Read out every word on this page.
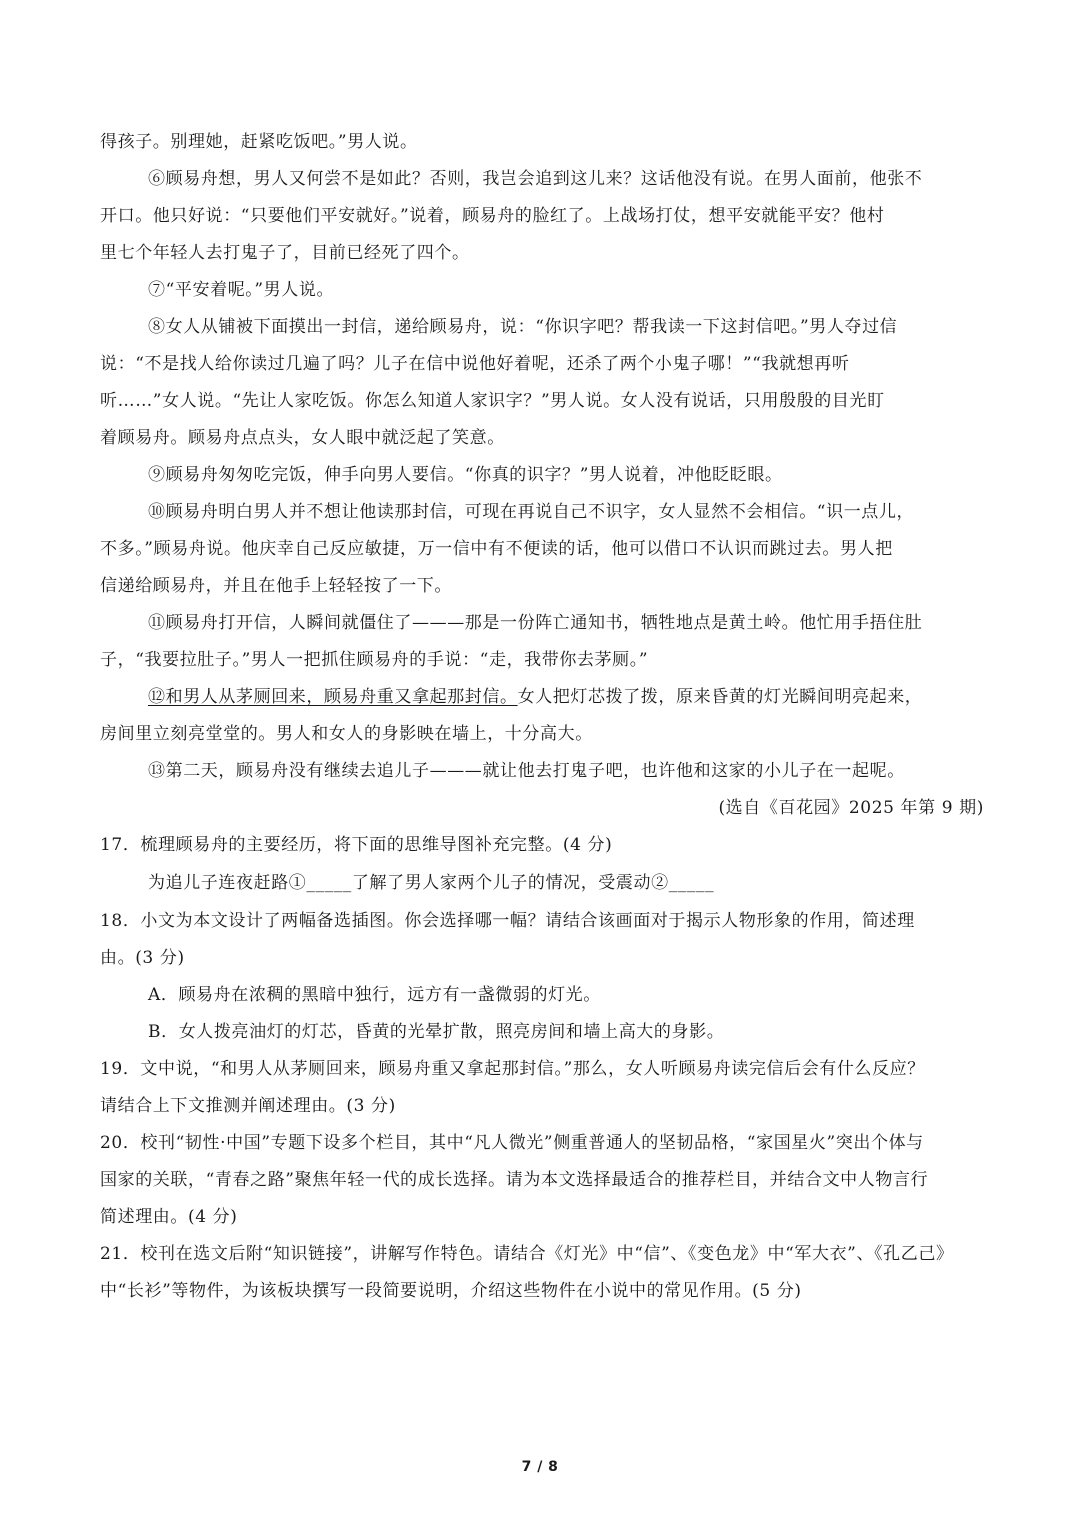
得孩子。别理她，赶紧吃饭吧。”男人说。
⑥顾易舟想，男人又何尝不是如此？否则，我岂会追到这儿来？这话他没有说。在男人面前，他张不
开口。他只好说：“只要他们平安就好。”说着，顾易舟的脸红了。上战场打仗，想平安就能平安？他村
里七个年轻人去打鬼子了，目前已经死了四个。
⑦“平安着呢。”男人说。
⑧女人从铺被下面摸出一封信，递给顾易舟，说：“你识字吧？帮我读一下这封信吧。”男人夺过信
说：“不是找人给你读过几遍了吗？儿子在信中说他好着呢，还杀了两个小鬼子哪！”“我就想再听
听……”女人说。“先让人家吃饭。你怎么知道人家识字？”男人说。女人没有说话，只用殷殷的目光盯
着顾易舟。顾易舟点点头，女人眼中就泛起了笑意。
⑨顾易舟匆匆吃完饭，伸手向男人要信。“你真的识字？”男人说着，冲他眨眨眼。
⑩顾易舟明白男人并不想让他读那封信，可现在再说自己不识字，女人显然不会相信。“识一点儿，
不多。”顾易舟说。他庆幸自己反应敏捷，万一信中有不便读的话，他可以借口不认识而跳过去。男人把
信递给顾易舟，并且在他手上轻轻按了一下。
⑪顾易舟打开信，人瞬间就僵住了———那是一份阵亡通知书，牺牲地点是黄土岭。他忙用手捂住肚
子，“我要拉肚子。”男人一把抓住顾易舟的手说：“走，我带你去茅厕。”
⑫和男人从茅厕回来，顾易舟重又拿起那封信。女人把灯芯拨了拨，原来昏黄的灯光瞬间明亮起来，
房间里立刻亮堂堂的。男人和女人的身影映在墙上，十分高大。
⑬第二天，顾易舟没有继续去追儿子———就让他去打鬼子吧，也许他和这家的小儿子在一起呢。
(选自《百花园》2025 年第 9 期)
17．梳理顾易舟的主要经历，将下面的思维导图补充完整。(4 分)
为追儿子连夜赶路①_____了解了男人家两个儿子的情况，受震动②_____
18．小文为本文设计了两幅备选插图。你会选择哪一幅？请结合该画面对于揭示人物形象的作用，简述理
由。(3 分)
A．顾易舟在浓稠的黑暗中独行，远方有一盏微弱的灯光。
B．女人拨亮油灯的灯芯，昏黄的光晕扩散，照亮房间和墙上高大的身影。
19．文中说，“和男人从茅厕回来，顾易舟重又拿起那封信。”那么，女人听顾易舟读完信后会有什么反应？
请结合上下文推测并阐述理由。(3 分)
20．校刊“韧性·中国”专题下设多个栏目，其中“凡人微光”侧重普通人的坚韧品格，“家国星火”突出个体与
国家的关联，“青春之路”聚焦年轻一代的成长选择。请为本文选择最适合的推荐栏目，并结合文中人物言行
简述理由。(4 分)
21．校刊在选文后附“知识链接”，讲解写作特色。请结合《灯光》中“信”、《变色龙》中“军大衣”、《孔乙己》
中“长衫”等物件，为该板块撰写一段简要说明，介绍这些物件在小说中的常见作用。(5 分)
7 / 8
